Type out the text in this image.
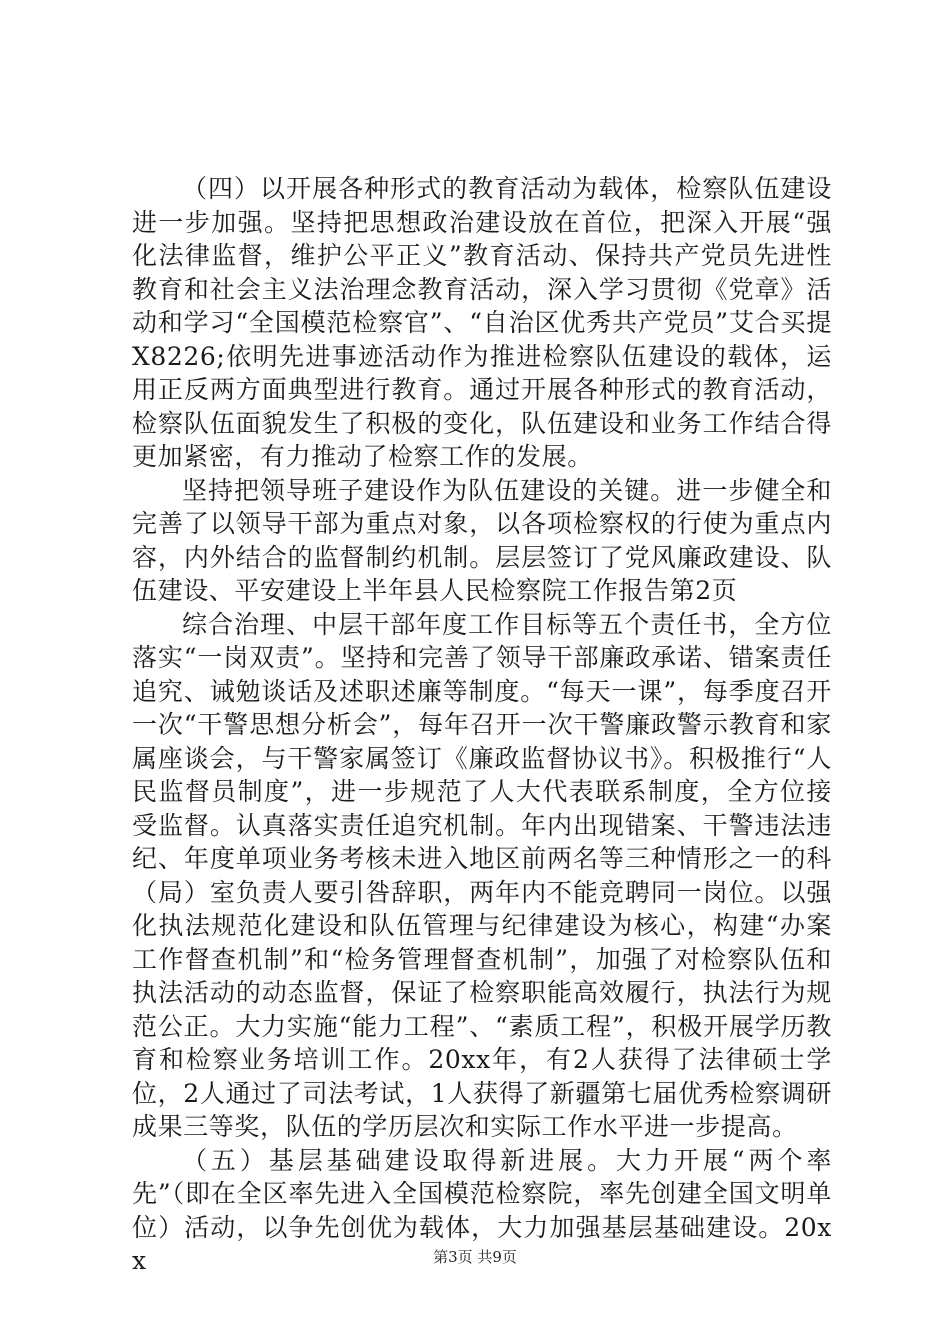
（四）以开展各种形式的教育活动为载体，检察队伍建设进一步加强。坚持把思想政治建设放在首位，把深入开展“强化法律监督，维护公平正义”教育活动、保持共产党员先进性教育和社会主义法治理念教育活动，深入学习贯彻《党章》活动和学习“全国模范检察官”、“自治区优秀共产党员”艾合买提X8226;依明先进事迹活动作为推进检察队伍建设的载体，运用正反两方面典型进行教育。通过开展各种形式的教育活动，检察队伍面貌发生了积极的变化，队伍建设和业务工作结合得更加紧密，有力推动了检察工作的发展。

坚持把领导班子建设作为队伍建设的关键。进一步健全和完善了以领导干部为重点对象，以各项检察权的行使为重点内容，内外结合的监督制约机制。层层签订了党风廉政建设、队伍建设、平安建设上半年县人民检察院工作报告第2页

综合治理、中层干部年度工作目标等五个责任书，全方位落实“一岗双责”。坚持和完善了领导干部廉政承诺、错案责任追究、诫勉谈话及述职述廉等制度。“每天一课”，每季度召开一次“干警思想分析会”，每年召开一次干警廉政警示教育和家属座谈会，与干警家属签订《廉政监督协议书》。积极推行“人民监督员制度”，进一步规范了人大代表联系制度，全方位接受监督。认真落实责任追究机制。年内出现错案、干警违法违纪、年度单项业务考核未进入地区前两名等三种情形之一的科（局）室负责人要引咎辞职，两年内不能竞聘同一岗位。以强化执法规范化建设和队伍管理与纪律建设为核心，构建“办案工作督查机制”和“检务管理督查机制”，加强了对检察队伍和执法活动的动态监督，保证了检察职能高效履行，执法行为规范公正。大力实施“能力工程”、“素质工程”，积极开展学历教育和检察业务培训工作。20xx年，有2人获得了法律硕士学位，2人通过了司法考试，1人获得了新疆第七届优秀检察调研成果三等奖，队伍的学历层次和实际工作水平进一步提高。

（五）基层基础建设取得新进展。大力开展“两个率先”（即在全区率先进入全国模范检察院，率先创建全国文明单位）活动，以争先创优为载体，大力加强基层基础建设。20xx	第3页 共9页
